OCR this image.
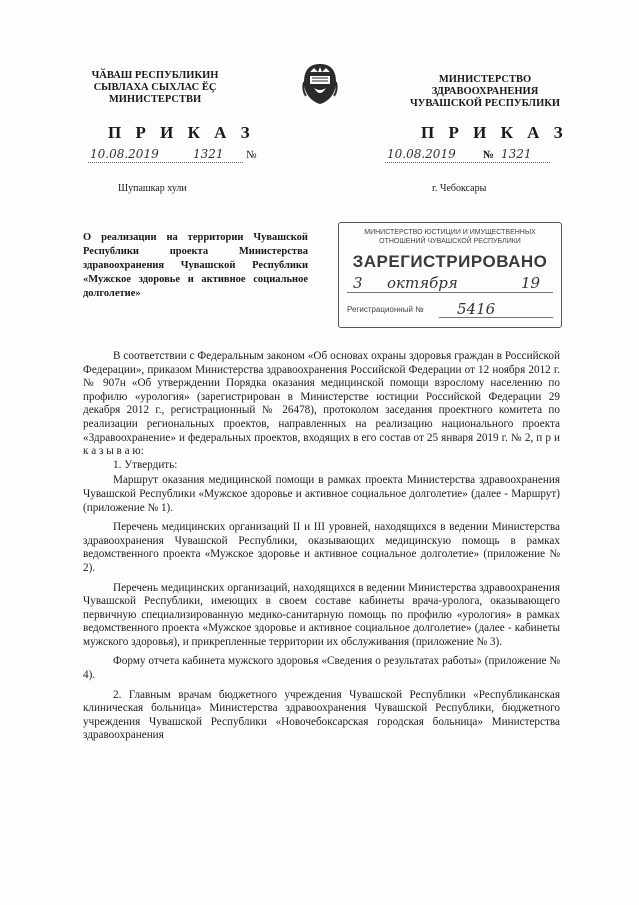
ЧӐВАШ РЕСПУБЛИКИН
СЫВЛАХА СЫХЛАС ӖҪ
МИНИСТЕРСТВИ
МИНИСТЕРСТВО
ЗДРАВООХРАНЕНИЯ
ЧУВАШСКОЙ РЕСПУБЛИКИ
П Р И К А З	П Р И К А З
10.08.2019	1321 №	10.08.2019 № 1321
Шупашкар хули	г. Чебоксары
О реализации на территории Чувашской Республики проекта Министерства здравоохранения Чувашской Республики «Мужское здоровье и активное социальное долголетие»
МИНИСТЕРСТВО ЮСТИЦИИ И ИМУЩЕСТВЕННЫХ
ОТНОШЕНИЙ ЧУВАШСКОЙ РЕСПУБЛИКИ
ЗАРЕГИСТРИРОВАНО
3 октября	19
Регистрационный № 5416

В соответствии с Федеральным законом «Об основах охраны здоровья граждан в Российской Федерации», приказом Министерства здравоохранения Российской Федерации от 12 ноября 2012 г. № 907н «Об утверждении Порядка оказания медицинской помощи взрослому населению по профилю «урология» (зарегистрирован в Министерстве юстиции Российской Федерации 29 декабря 2012 г., регистрационный № 26478), протоколом заседания проектного комитета по реализации региональных проектов, направленных на реализацию национального проекта «Здравоохранение» и федеральных проектов, входящих в его состав от 25 января 2019 г. № 2, п р и к а з ы в а ю:

1. Утвердить:

Маршрут оказания медицинской помощи в рамках проекта Министерства здравоохранения Чувашской Республики «Мужское здоровье и активное социальное долголетие» (далее - Маршрут) (приложение № 1).

Перечень медицинских организаций II и III уровней, находящихся в ведении Министерства здравоохранения Чувашской Республики, оказывающих медицинскую помощь в рамках ведомственного проекта «Мужское здоровье и активное социальное долголетие» (приложение № 2).

Перечень медицинских организаций, находящихся в ведении Министерства здравоохранения Чувашской Республики, имеющих в своем составе кабинеты врача-уролога, оказывающего первичную специализированную медико-санитарную помощь по профилю «урология» в рамках ведомственного проекта «Мужское здоровье и активное социальное долголетие» (далее - кабинеты мужского здоровья), и прикрепленные территории их обслуживания (приложение № 3).

Форму отчета кабинета мужского здоровья «Сведения о результатах работы» (приложение № 4).

2. Главным врачам бюджетного учреждения Чувашской Республики «Республиканская клиническая больница» Министерства здравоохранения Чувашской Республики, бюджетного учреждения Чувашской Республики «Новочебоксарская городская больница» Министерства здравоохранения
